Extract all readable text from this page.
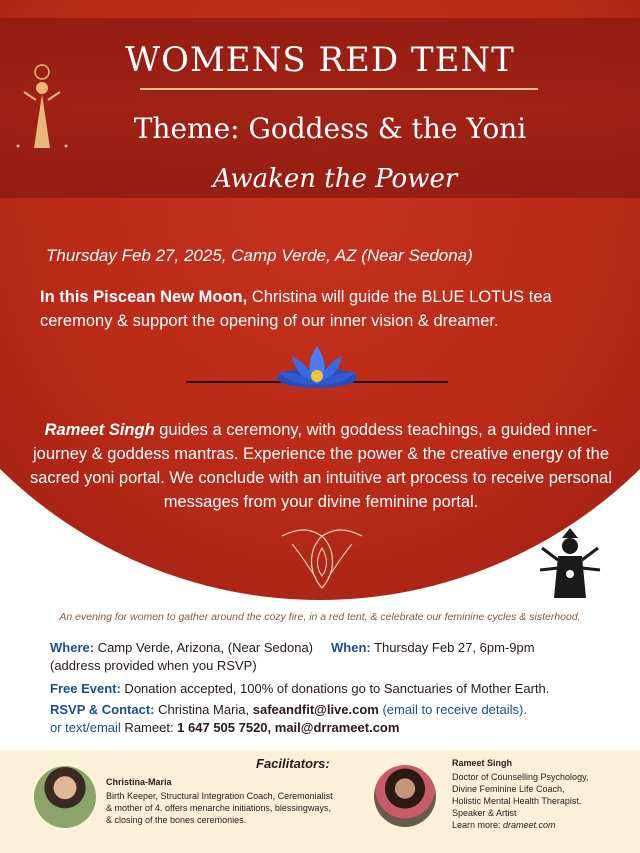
WOMENS RED TENT
Theme: Goddess & the Yoni
Awaken the Power
Thursday Feb 27, 2025, Camp Verde, AZ (Near Sedona)
In this Piscean New Moon, Christina will guide the BLUE LOTUS tea ceremony & support the opening of our inner vision & dreamer.
Rameet Singh guides a ceremony, with goddess teachings, a guided inner-journey & goddess mantras. Experience the power & the creative energy of the sacred yoni portal. We conclude with an intuitive art process to receive personal messages from your divine feminine portal.
An evening for women to gather around the cozy fire, in a red tent, & celebrate our feminine cycles & sisterhood.
Where: Camp Verde, Arizona, (Near Sedona) When: Thursday Feb 27, 6pm-9pm
(address provided when you RSVP)
Free Event: Donation accepted, 100% of donations go to Sanctuaries of Mother Earth.
RSVP & Contact: Christina Maria, safeandfit@live.com (email to receive details).
or text/email Rameet: 1 647 505 7520, mail@drrameet.com
Facilitators:
Christina-Maria
Birth Keeper, Structural Integration Coach, Ceremonialist & mother of 4. offers menarche initiations, blessingways, & closing of the bones ceremonies.
Rameet Singh
Doctor of Counselling Psychology,
Divine Feminine Life Coach,
Holistic Mental Health Therapist.
Speaker & Artist
Learn more: drameet.com
